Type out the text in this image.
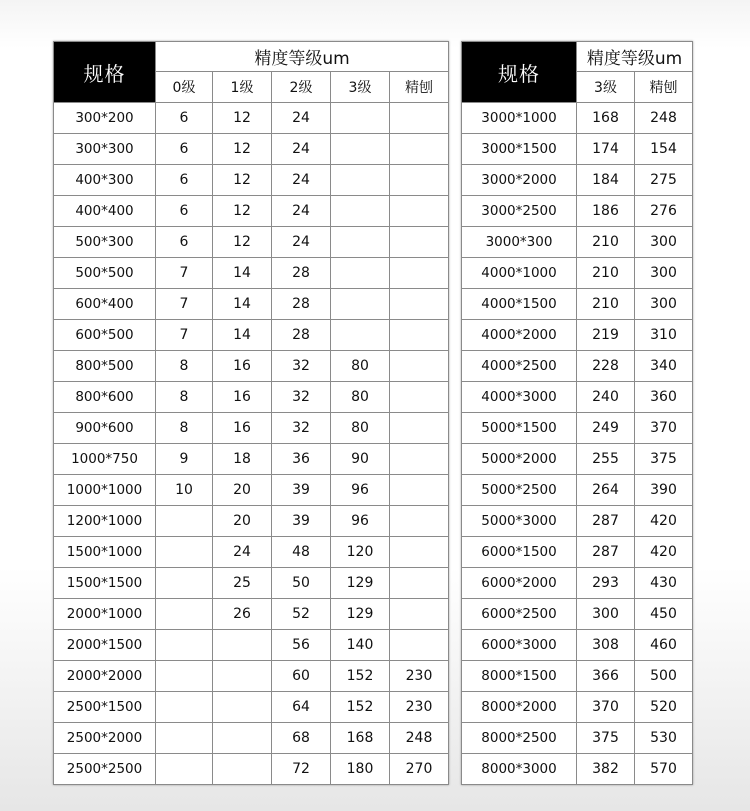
规格	精度等级um				
	0级	1级	2级	3级	精刨
300*200	6	12	24		
300*300	6	12	24		
400*300	6	12	24		
400*400	6	12	24		
500*300	6	12	24		
500*500	7	14	28		
600*400	7	14	28		
600*500	7	14	28		
800*500	8	16	32	80	
800*600	8	16	32	80	
900*600	8	16	32	80	
1000*750	9	18	36	90	
1000*1000	10	20	39	96	
1200*1000		20	39	96	
1500*1000		24	48	120	
1500*1500		25	50	129	
2000*1000		26	52	129	
2000*1500			56	140	
2000*2000			60	152	230
2500*1500			64	152	230
2500*2000			68	168	248
2500*2500			72	180	270
规格	精度等级um	
	3级	精刨
3000*1000	168	248
3000*1500	174	154
3000*2000	184	275
3000*2500	186	276
3000*300	210	300
4000*1000	210	300
4000*1500	210	300
4000*2000	219	310
4000*2500	228	340
4000*3000	240	360
5000*1500	249	370
5000*2000	255	375
5000*2500	264	390
5000*3000	287	420
6000*1500	287	420
6000*2000	293	430
6000*2500	300	450
6000*3000	308	460
8000*1500	366	500
8000*2000	370	520
8000*2500	375	530
8000*3000	382	570
